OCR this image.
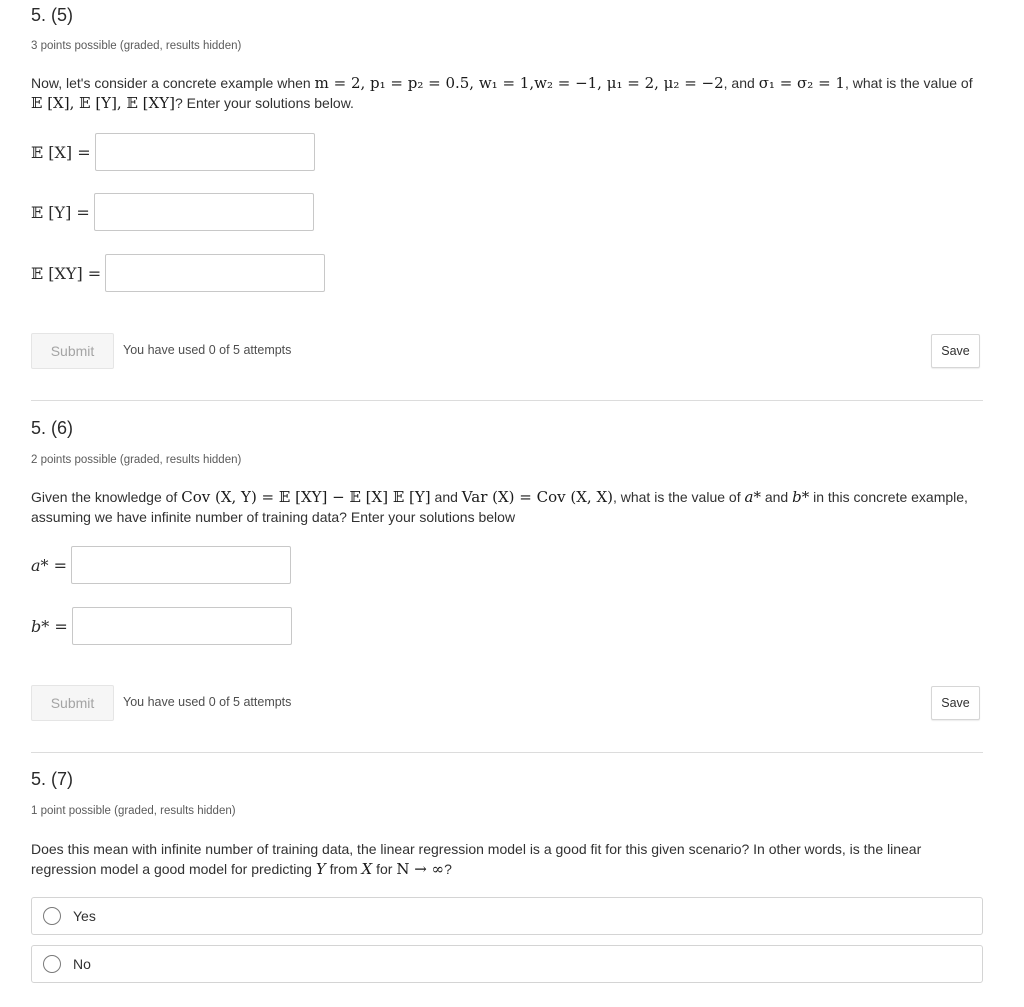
5. (5)
3 points possible (graded, results hidden)
Now, let's consider a concrete example when m = 2, p₁ = p₂ = 0.5, w₁ = 1,w₂ = −1, μ₁ = 2, μ₂ = −2, and σ₁ = σ₂ = 1, what is the value of 𝔼 [X], 𝔼 [Y], 𝔼 [XY]? Enter your solutions below.
𝔼 [X] =
𝔼 [Y] =
𝔼 [XY] =
Submit	You have used 0 of 5 attempts	Save
5. (6)
2 points possible (graded, results hidden)
Given the knowledge of Cov (X, Y) = 𝔼 [XY] − 𝔼 [X] 𝔼 [Y] and Var (X) = Cov (X, X), what is the value of a* and b* in this concrete example, assuming we have infinite number of training data? Enter your solutions below
a* =
b* =
Submit	You have used 0 of 5 attempts	Save
5. (7)
1 point possible (graded, results hidden)
Does this mean with infinite number of training data, the linear regression model is a good fit for this given scenario? In other words, is the linear regression model a good model for predicting Y from X for N → ∞?
Yes
No
